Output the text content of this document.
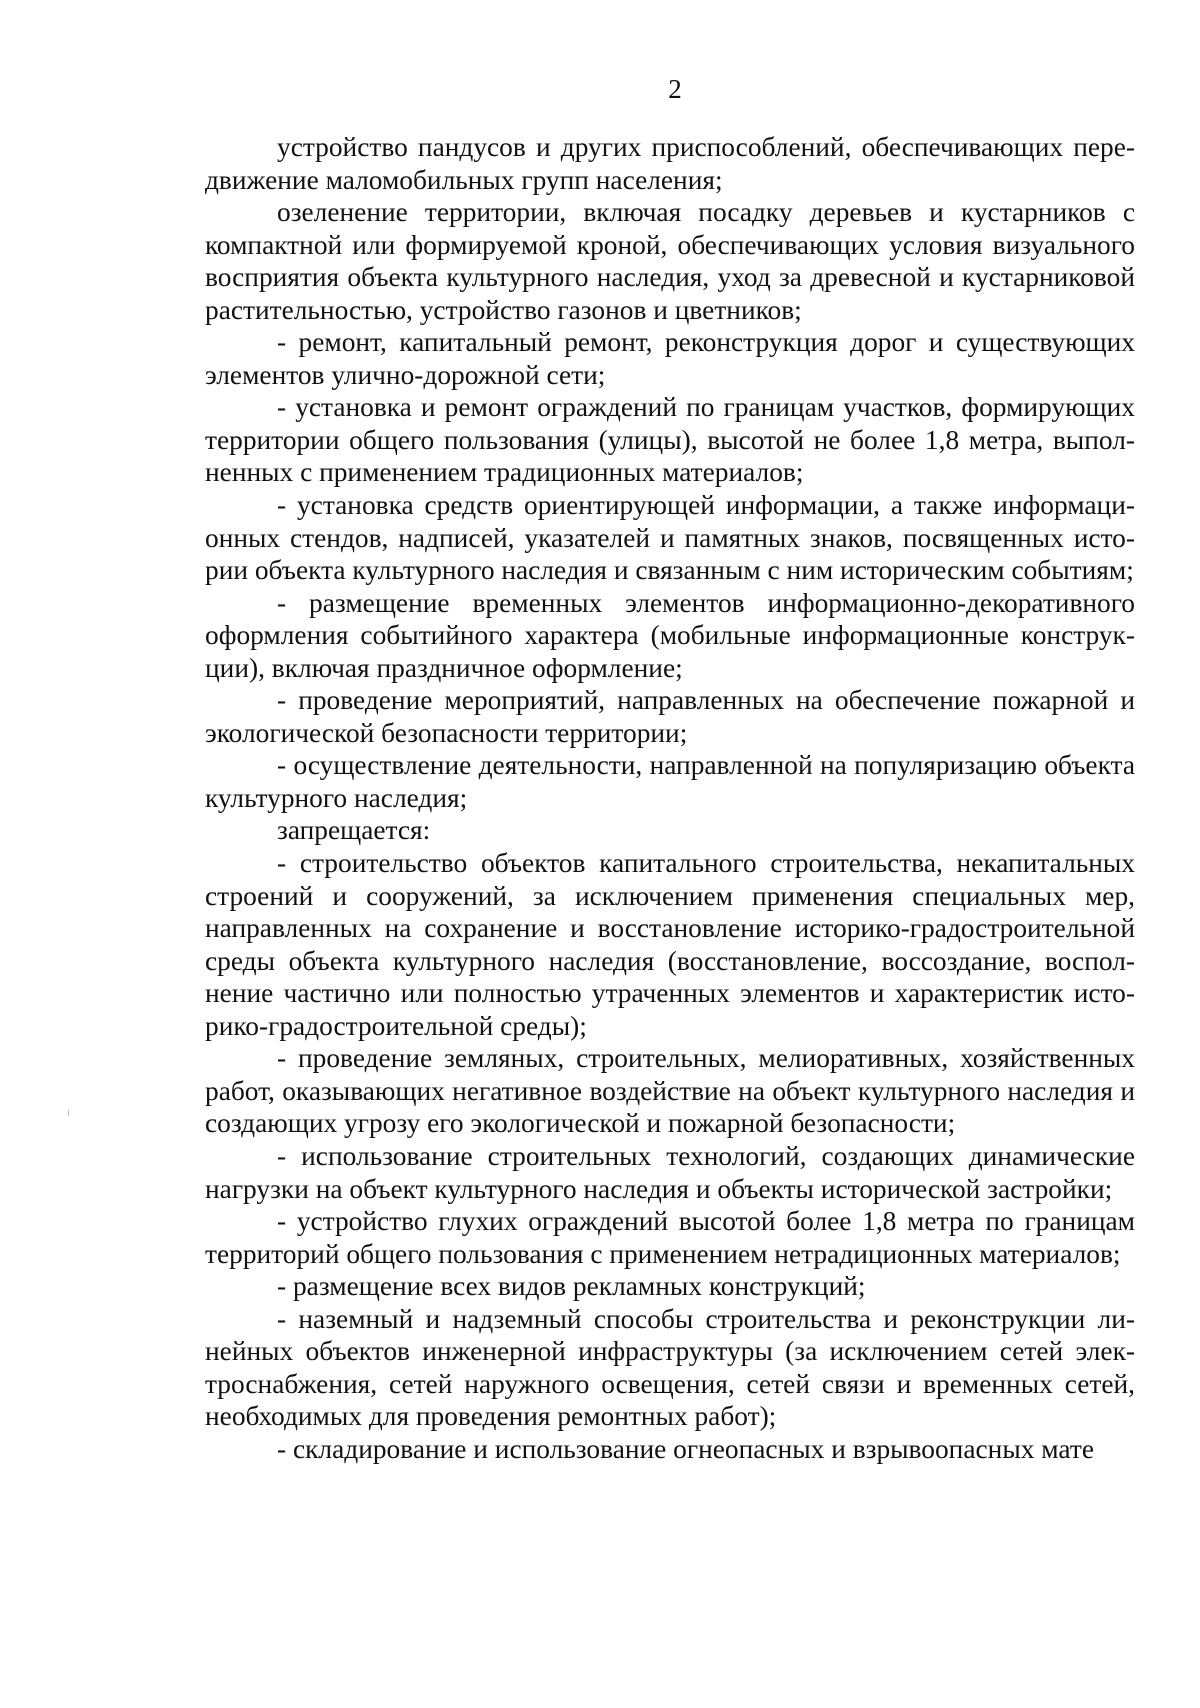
2

устройство пандусов и других приспособлений, обеспечивающих передвижение маломобильных групп населения;

озеленение территории, включая посадку деревьев и кустарников с компактной или формируемой кроной, обеспечивающих условия визуального восприятия объекта культурного наследия, уход за древесной и кустарниковой растительностью, устройство газонов и цветников;

- ремонт, капитальный ремонт, реконструкция дорог и существующих элементов улично-дорожной сети;

- установка и ремонт ограждений по границам участков, формирующих территории общего пользования (улицы), высотой не более 1,8 метра, выполненных с применением традиционных материалов;

- установка средств ориентирующей информации, а также информационных стендов, надписей, указателей и памятных знаков, посвященных истории объекта культурного наследия и связанным с ним историческим событиям;

- размещение временных элементов информационно-декоративного оформления событийного характера (мобильные информационные конструкции), включая праздничное оформление;

- проведение мероприятий, направленных на обеспечение пожарной и экологической безопасности территории;

- осуществление деятельности, направленной на популяризацию объекта культурного наследия;

запрещается:

- строительство объектов капитального строительства, некапитальных строений и сооружений, за исключением применения специальных мер, направленных на сохранение и восстановление историко-градостроительной среды объекта культурного наследия (восстановление, воссоздание, восполнение частично или полностью утраченных элементов и характеристик историко-градостроительной среды);

- проведение земляных, строительных, мелиоративных, хозяйственных работ, оказывающих негативное воздействие на объект культурного наследия и создающих угрозу его экологической и пожарной безопасности;

- использование строительных технологий, создающих динамические нагрузки на объект культурного наследия и объекты исторической застройки;

- устройство глухих ограждений высотой более 1,8 метра по границам территорий общего пользования с применением нетрадиционных материалов;

- размещение всех видов рекламных конструкций;

- наземный и надземный способы строительства и реконструкции линейных объектов инженерной инфраструктуры (за исключением сетей электроснабжения, сетей наружного освещения, сетей связи и временных сетей, необходимых для проведения ремонтных работ);

- складирование и использование огнеопасных и взрывоопасных мате
